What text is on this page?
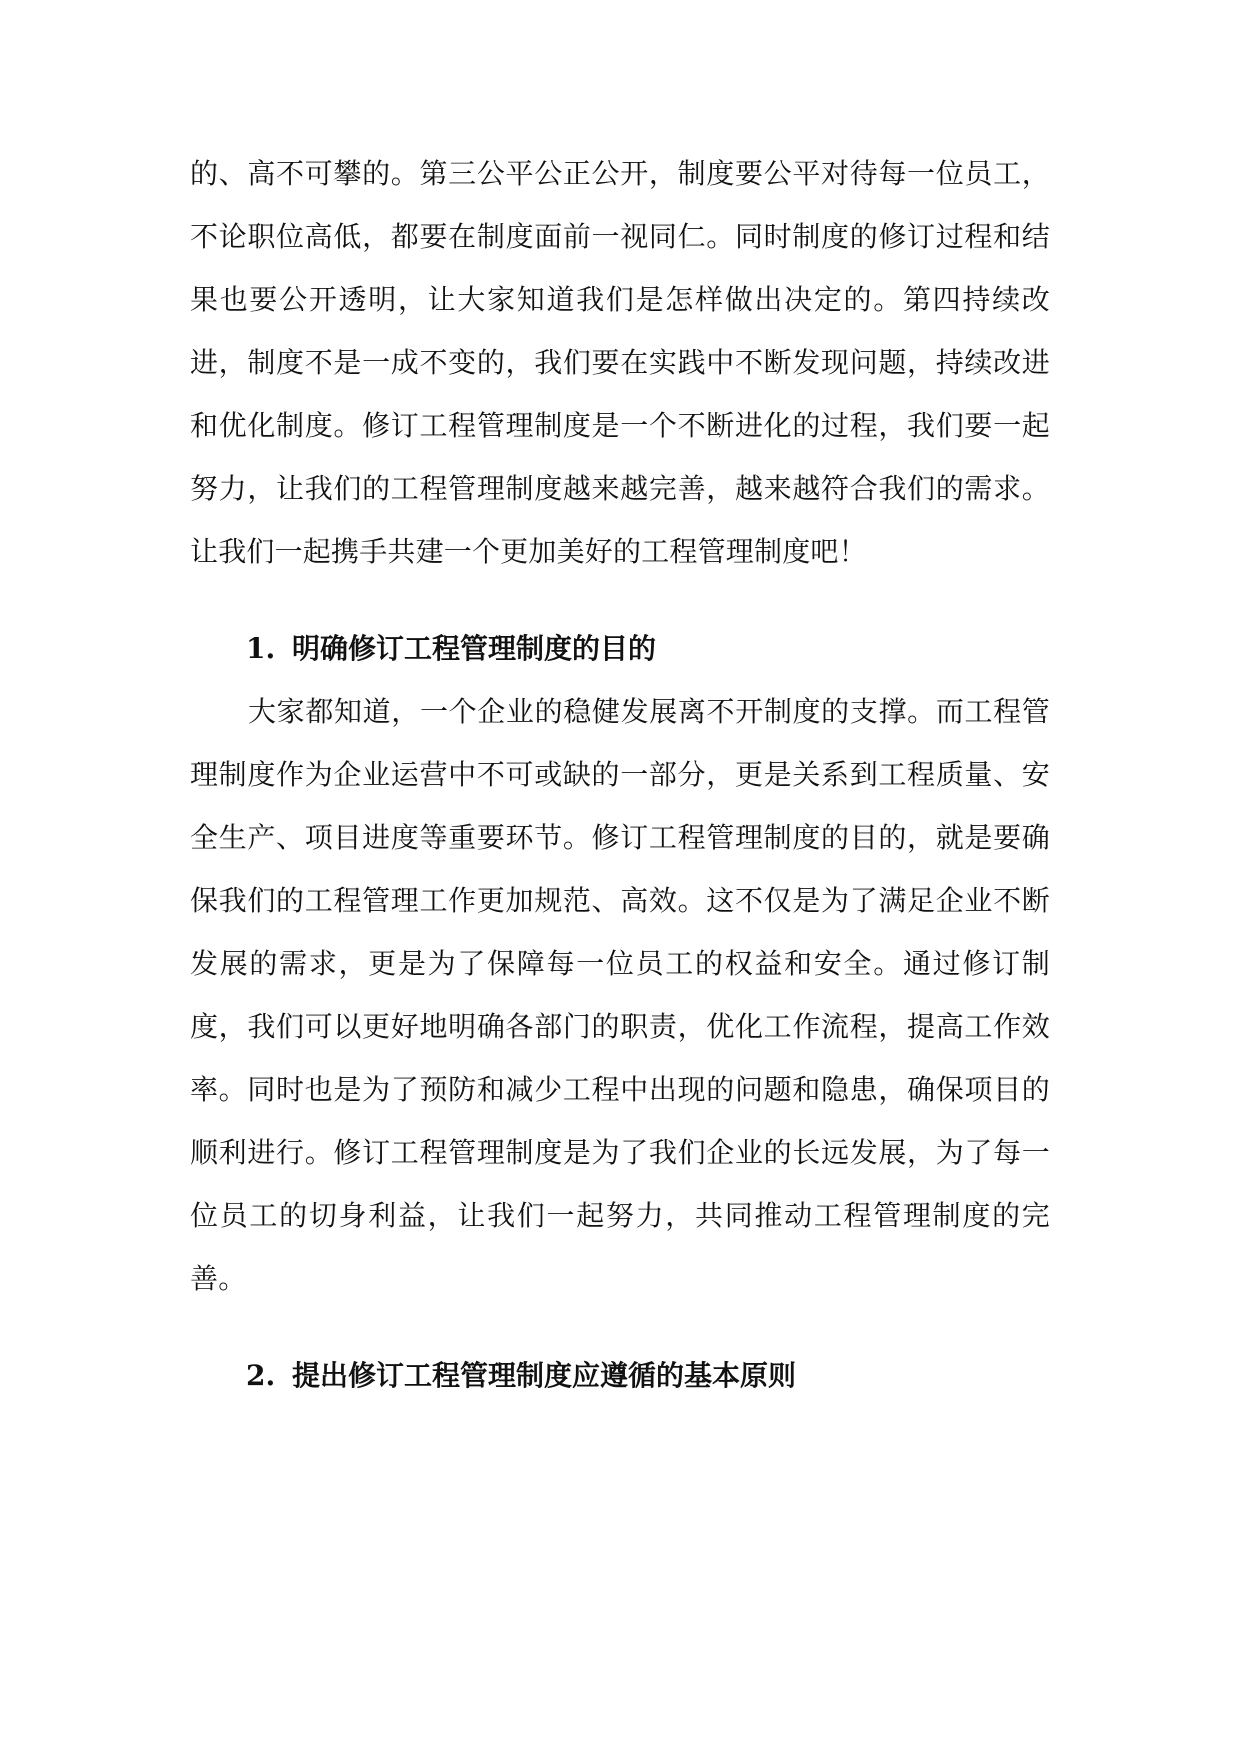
的、高不可攀的。第三公平公正公开，制度要公平对待每一位员工，不论职位高低，都要在制度面前一视同仁。同时制度的修订过程和结果也要公开透明，让大家知道我们是怎样做出决定的。第四持续改进，制度不是一成不变的，我们要在实践中不断发现问题，持续改进和优化制度。修订工程管理制度是一个不断进化的过程，我们要一起努力，让我们的工程管理制度越来越完善，越来越符合我们的需求。让我们一起携手共建一个更加美好的工程管理制度吧！

1. 明确修订工程管理制度的目的

大家都知道，一个企业的稳健发展离不开制度的支撑。而工程管理制度作为企业运营中不可或缺的一部分，更是关系到工程质量、安全生产、项目进度等重要环节。修订工程管理制度的目的，就是要确保我们的工程管理工作更加规范、高效。这不仅是为了满足企业不断发展的需求，更是为了保障每一位员工的权益和安全。通过修订制度，我们可以更好地明确各部门的职责，优化工作流程，提高工作效率。同时也是为了预防和减少工程中出现的问题和隐患，确保项目的顺利进行。修订工程管理制度是为了我们企业的长远发展，为了每一位员工的切身利益，让我们一起努力，共同推动工程管理制度的完善。

2. 提出修订工程管理制度应遵循的基本原则
